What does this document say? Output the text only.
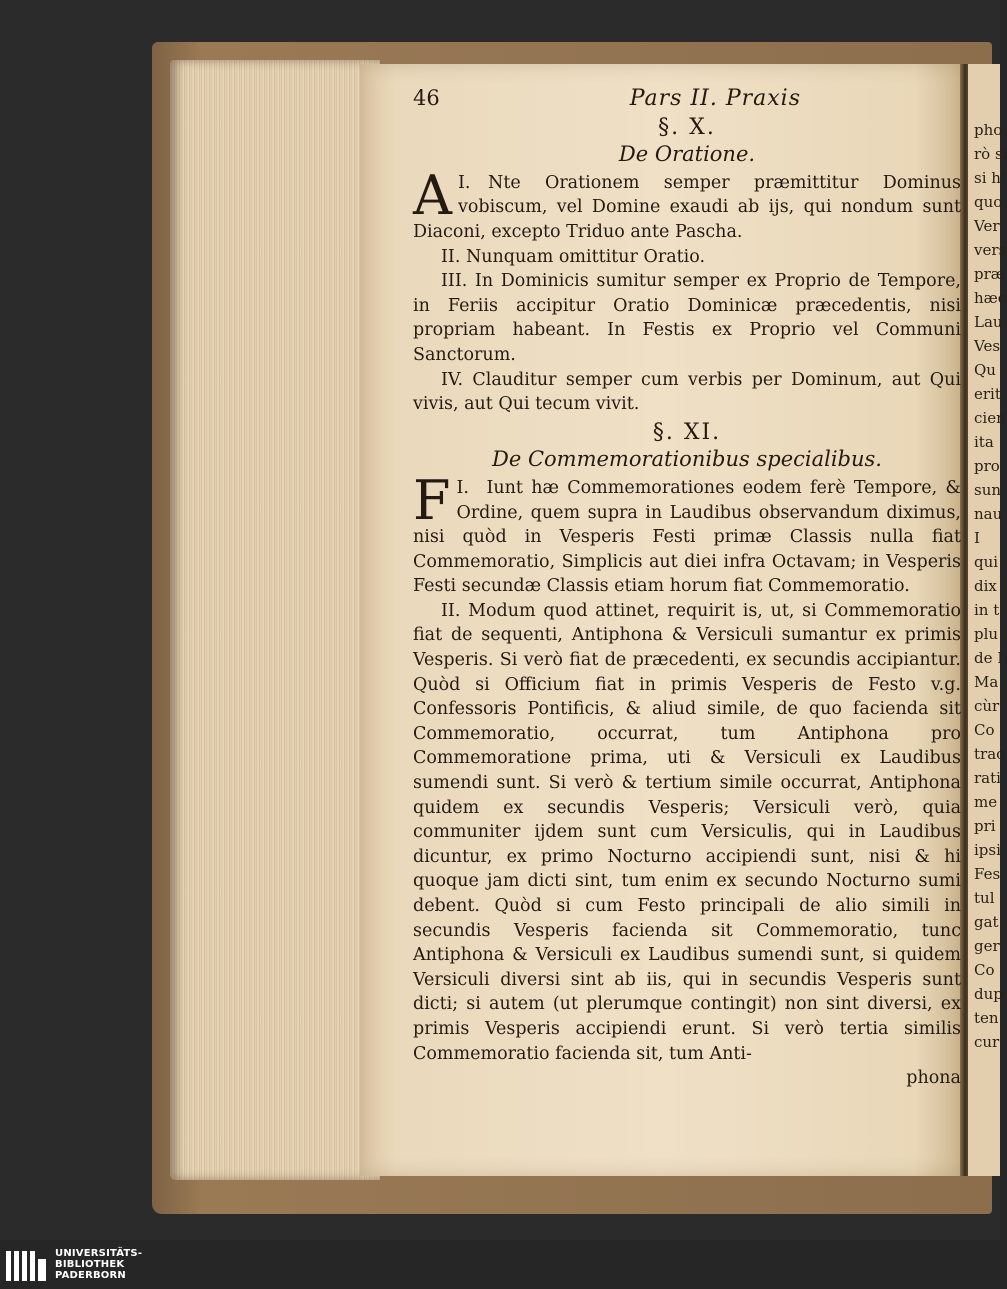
pho
rò si
si hi
quo
Ver
vers
præ
hæc
Lau
Ves
Qu
erit
cien
ita
pro
sun
nau
I
qui
dix
in t
plu
de I
Ma
cùr
Co
trac
rati
me
pri
ipsi
Fes
tul
gat
ger
Co
dup
ten
cur
46	Pars II. Praxis
§. X.
De Oratione.

I.
A Nte Orationem semper præmittitur Dominus vobiscum, vel Domine exaudi ab ijs, qui nondum sunt Diaconi, excepto Triduo ante Pascha.

II. Nunquam omittitur Oratio.

III. In Dominicis sumitur semper ex Proprio de Tempore, in Feriis accipitur Oratio Dominicæ præcedentis, nisi propriam habeant. In Festis ex Proprio vel Communi Sanctorum.

IV. Clauditur semper cum verbis per Dominum, aut Qui vivis, aut Qui tecum vivit.

§. XI.
De Commemorationibus specialibus.

I.
F Iunt hæ Commemorationes eodem ferè Tempore, & Ordine, quem supra in Laudibus observandum diximus, nisi quòd in Vesperis Festi primæ Classis nulla fiat Commemoratio, Simplicis aut diei infra Octavam; in Vesperis Festi secundæ Classis etiam horum fiat Commemoratio.

II. Modum quod attinet, requirit is, ut, si Commemoratio fiat de sequenti, Antiphona & Versiculi sumantur ex primis Vesperis. Si verò fiat de præcedenti, ex secundis accipiantur. Quòd si Officium fiat in primis Vesperis de Festo v.g. Confessoris Pontificis, & aliud simile, de quo facienda sit Commemoratio, occurrat, tum Antiphona pro Commemoratione prima, uti & Versiculi ex Laudibus sumendi sunt. Si verò & tertium simile occurrat, Antiphona quidem ex secundis Vesperis; Versiculi verò, quia communiter ijdem sunt cum Versiculis, qui in Laudibus dicuntur, ex primo Nocturno accipiendi sunt, nisi & hi quoque jam dicti sint, tum enim ex secundo Nocturno sumi debent. Quòd si cum Festo principali de alio simili in secundis Vesperis facienda sit Commemoratio, tunc Antiphona & Versiculi ex Laudibus sumendi sunt, si quidem Versiculi diversi sint ab iis, qui in secundis Vesperis sunt dicti; si autem (ut plerumque contingit) non sint diversi, ex primis Vesperis accipiendi erunt. Si verò tertia similis Commemoratio facienda sit, tum Anti-

phona
UNIVERSITÄTS-
BIBLIOTHEK
PADERBORN
